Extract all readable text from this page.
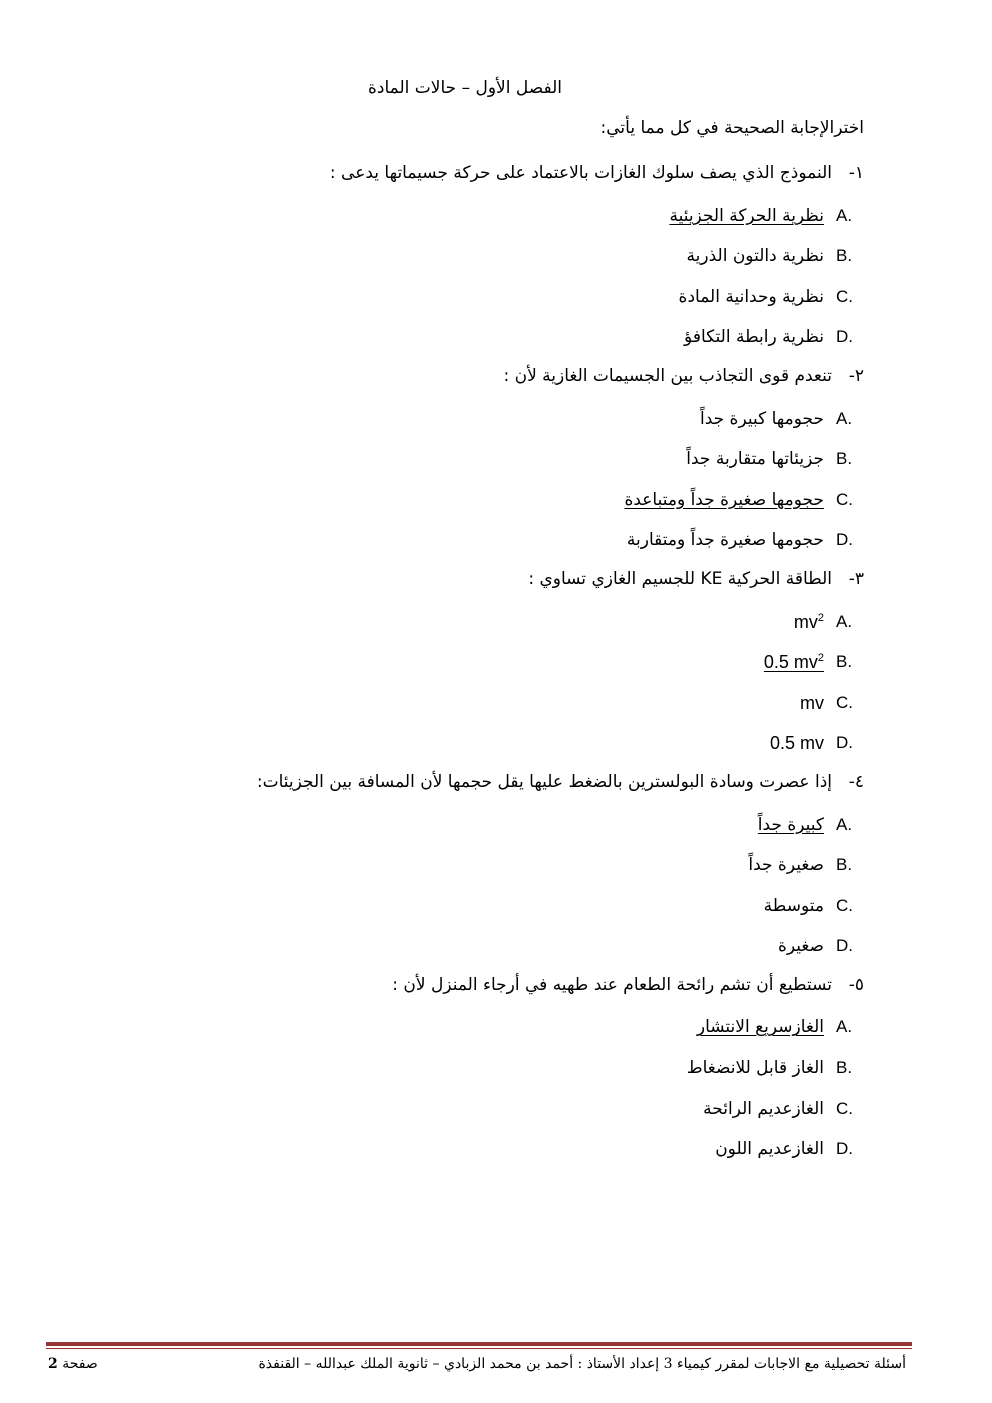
الفصل الأول – حالات المادة
اخترالإجابة الصحيحة في كل مما يأتي:
١-
النموذج الذي يصف سلوك الغازات بالاعتماد على حركة جسيماتها يدعى :
A.
نظرية الحركة الجزيئية
B.
نظرية دالتون الذرية
C.
نظرية وحدانية المادة
D.
نظرية رابطة التكافؤ
٢-
تنعدم قوى التجاذب بين الجسيمات الغازية لأن :
A.
حجومها كبيرة جداً
B.
جزيئاتها متقاربة جداً
C.
حجومها صغيرة جداً ومتباعدة
D.
حجومها صغيرة جداً ومتقاربة
٣-
الطاقة الحركية KE للجسيم الغازي تساوي :
A.
$mv^2$
B.
0.5 $mv^2$
C.
mv
D.
0.5 mv
٤-
إذا عصرت وسادة البولسترين بالضغط عليها يقل حجمها لأن المسافة بين الجزيئات:
A.
كبيرة جداً
B.
صغيرة جداً
C.
متوسطة
D.
صغيرة
٥-
تستطيع أن تشم رائحة الطعام عند طهيه في أرجاء المنزل لأن :
A.
الغازسريع الانتشار
B.
الغاز قابل للانضغاط
C.
الغازعديم الرائحة
D.
الغازعديم اللون
أسئلة تحصيلية مع الاجابات لمقرر كيمياء 3 إعداد الأستاذ : أحمد بن محمد الزبادي – ثانوية الملك عبدالله – القنفذة
صفحة 2
